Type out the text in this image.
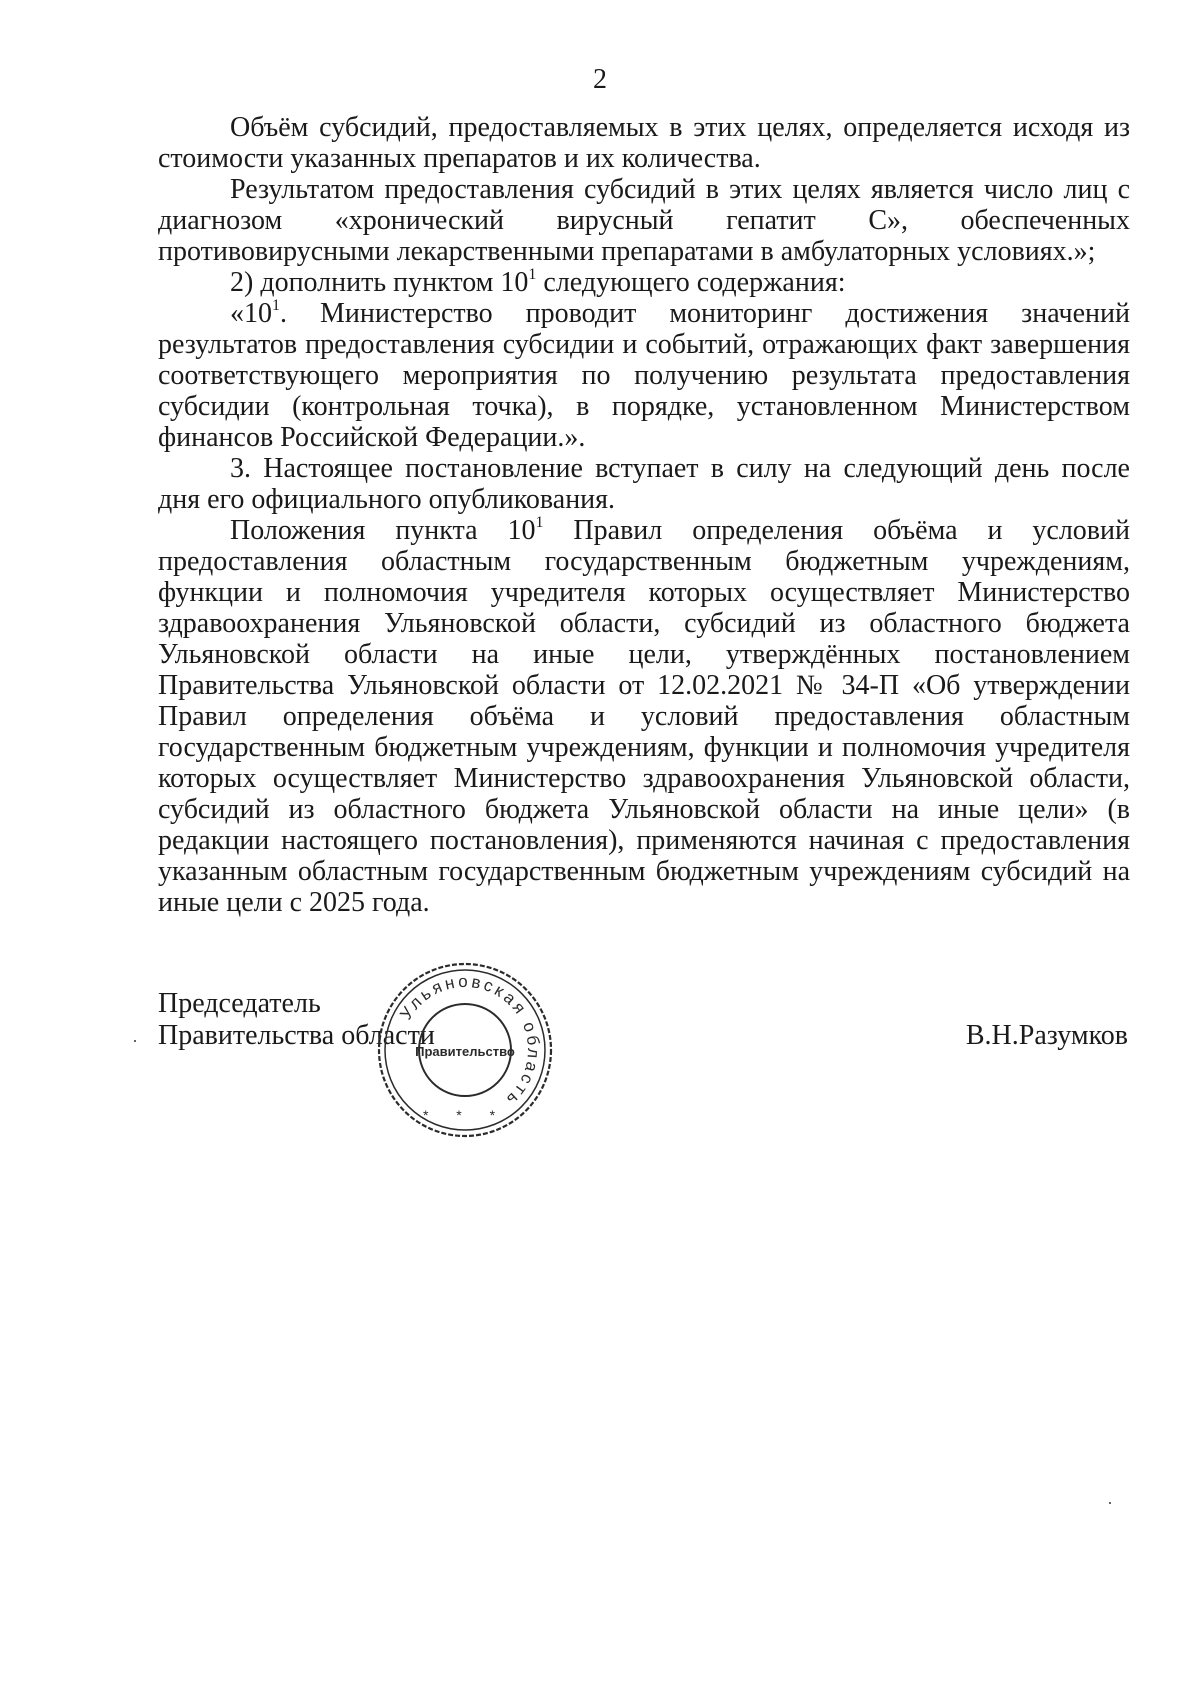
2

Объём субсидий, предоставляемых в этих целях, определяется исходя из стоимости указанных препаратов и их количества.

Результатом предоставления субсидий в этих целях является число лиц с диагнозом «хронический вирусный гепатит С», обеспеченных противовирусными лекарственными препаратами в амбулаторных условиях.»;

2) дополнить пунктом $10^1$ следующего содержания:

«$10^1$. Министерство проводит мониторинг достижения значений результатов предоставления субсидии и событий, отражающих факт завершения соответствующего мероприятия по получению результата предоставления субсидии (контрольная точка), в порядке, установленном Министерством финансов Российской Федерации.».

3. Настоящее постановление вступает в силу на следующий день после дня его официального опубликования.

Положения пункта $10^1$ Правил определения объёма и условий предоставления областным государственным бюджетным учреждениям, функции и полномочия учредителя которых осуществляет Министерство здравоохранения Ульяновской области, субсидий из областного бюджета Ульяновской области на иные цели, утверждённых постановлением Правительства Ульяновской области от 12.02.2021 № 34-П «Об утверждении Правил определения объёма и условий предоставления областным государственным бюджетным учреждениям, функции и полномочия учредителя которых осуществляет Министерство здравоохранения Ульяновской области, субсидий из областного бюджета Ульяновской области на иные цели» (в редакции настоящего постановления), применяются начиная с предоставления указанным областным государственным бюджетным учреждениям субсидий на иные цели с 2025 года.

Председатель
Правительства области
Ульяновская область
Правительство
* * *
В.Н.Разумков
